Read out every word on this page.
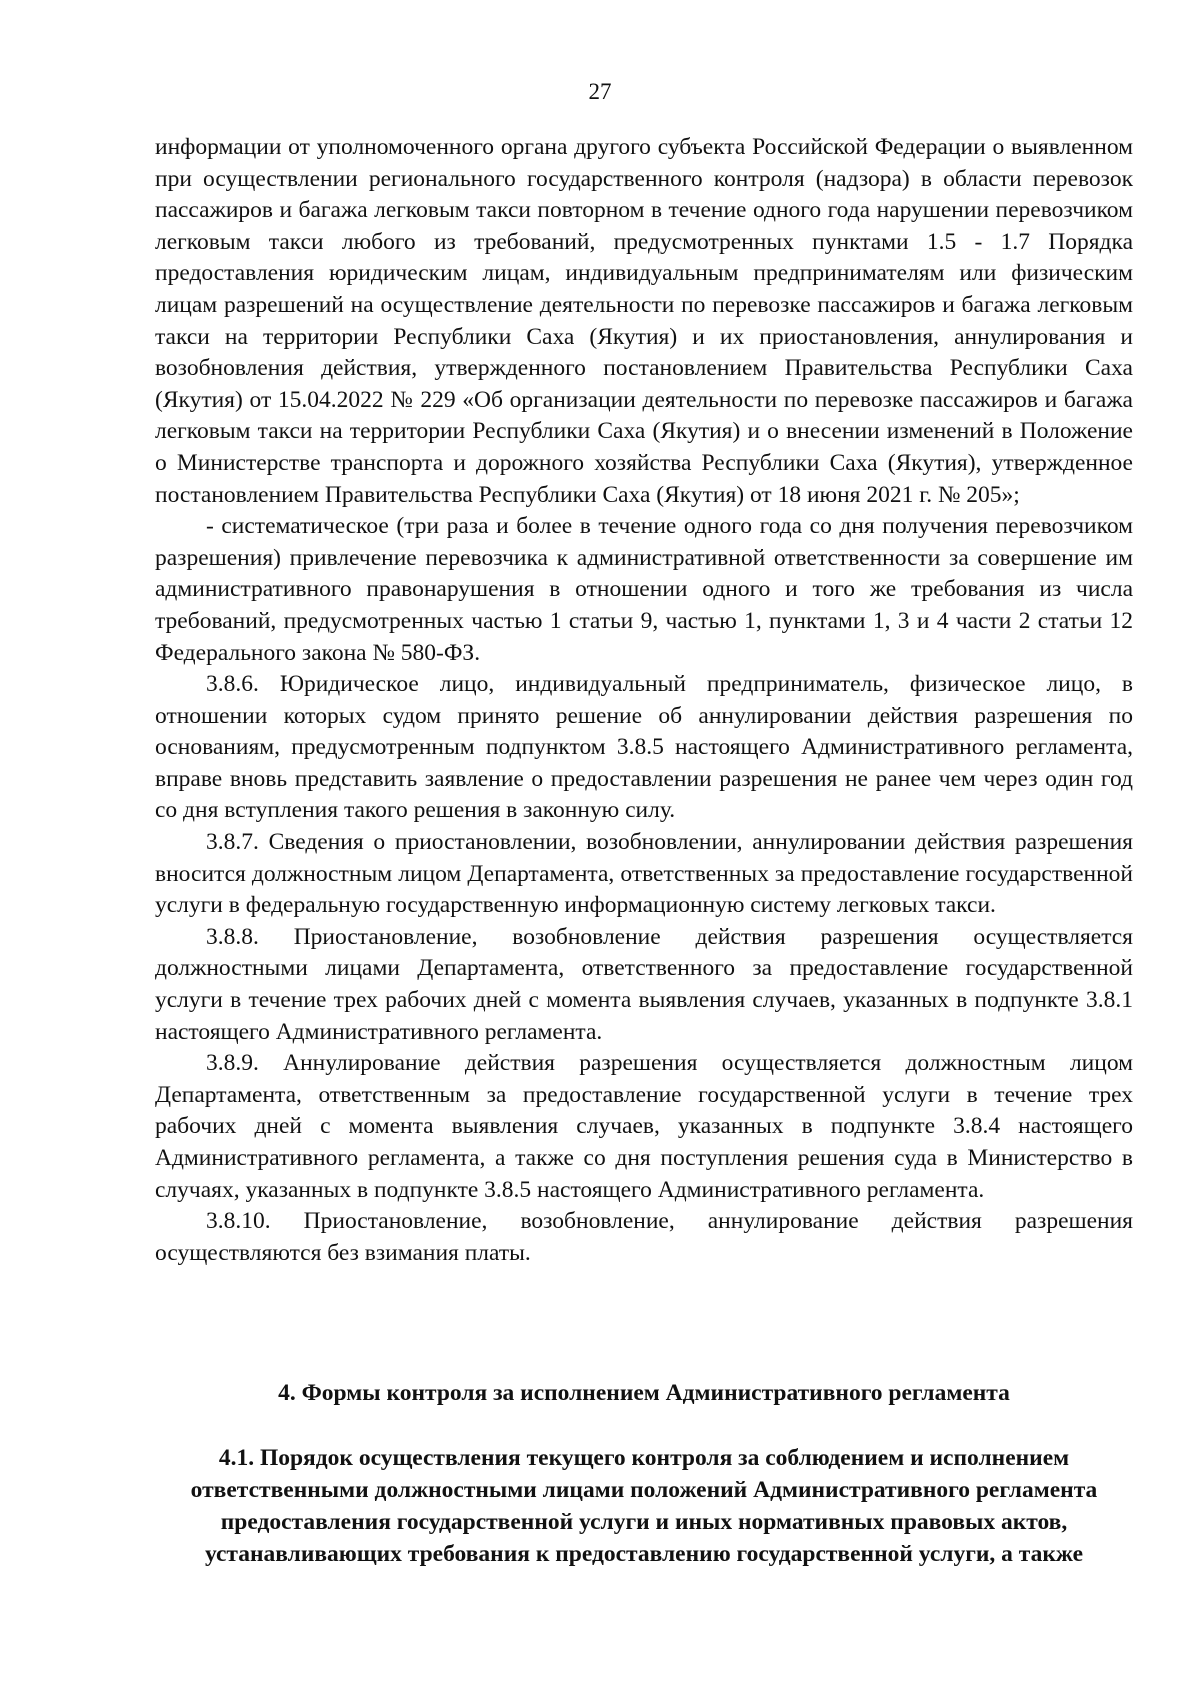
27

информации от уполномоченного органа другого субъекта Российской Федерации о выявленном при осуществлении регионального государственного контроля (надзора) в области перевозок пассажиров и багажа легковым такси повторном в течение одного года нарушении перевозчиком легковым такси любого из требований, предусмотренных пунктами 1.5 - 1.7 Порядка предоставления юридическим лицам, индивидуальным предпринимателям или физическим лицам разрешений на осуществление деятельности по перевозке пассажиров и багажа легковым такси на территории Республики Саха (Якутия) и их приостановления, аннулирования и возобновления действия, утвержденного постановлением Правительства Республики Саха (Якутия) от 15.04.2022 № 229 «Об организации деятельности по перевозке пассажиров и багажа легковым такси на территории Республики Саха (Якутия) и о внесении изменений в Положение о Министерстве транспорта и дорожного хозяйства Республики Саха (Якутия), утвержденное постановлением Правительства Республики Саха (Якутия) от 18 июня 2021 г. № 205»;

- систематическое (три раза и более в течение одного года со дня получения перевозчиком разрешения) привлечение перевозчика к административной ответственности за совершение им административного правонарушения в отношении одного и того же требования из числа требований, предусмотренных частью 1 статьи 9, частью 1, пунктами 1, 3 и 4 части 2 статьи 12 Федерального закона № 580-ФЗ.

3.8.6. Юридическое лицо, индивидуальный предприниматель, физическое лицо, в отношении которых судом принято решение об аннулировании действия разрешения по основаниям, предусмотренным подпунктом 3.8.5 настоящего Административного регламента, вправе вновь представить заявление о предоставлении разрешения не ранее чем через один год со дня вступления такого решения в законную силу.

3.8.7. Сведения о приостановлении, возобновлении, аннулировании действия разрешения вносится должностным лицом Департамента, ответственных за предоставление государственной услуги в федеральную государственную информационную систему легковых такси.

3.8.8. Приостановление, возобновление действия разрешения осуществляется должностными лицами Департамента, ответственного за предоставление государственной услуги в течение трех рабочих дней с момента выявления случаев, указанных в подпункте 3.8.1 настоящего Административного регламента.

3.8.9. Аннулирование действия разрешения осуществляется должностным лицом Департамента, ответственным за предоставление государственной услуги в течение трех рабочих дней с момента выявления случаев, указанных в подпункте 3.8.4 настоящего Административного регламента, а также со дня поступления решения суда в Министерство в случаях, указанных в подпункте 3.8.5 настоящего Административного регламента.

3.8.10. Приостановление, возобновление, аннулирование действия разрешения осуществляются без взимания платы.

4. Формы контроля за исполнением Административного регламента
4.1. Порядок осуществления текущего контроля за соблюдением и исполнением ответственными должностными лицами положений Административного регламента предоставления государственной услуги и иных нормативных правовых актов, устанавливающих требования к предоставлению государственной услуги, а также
